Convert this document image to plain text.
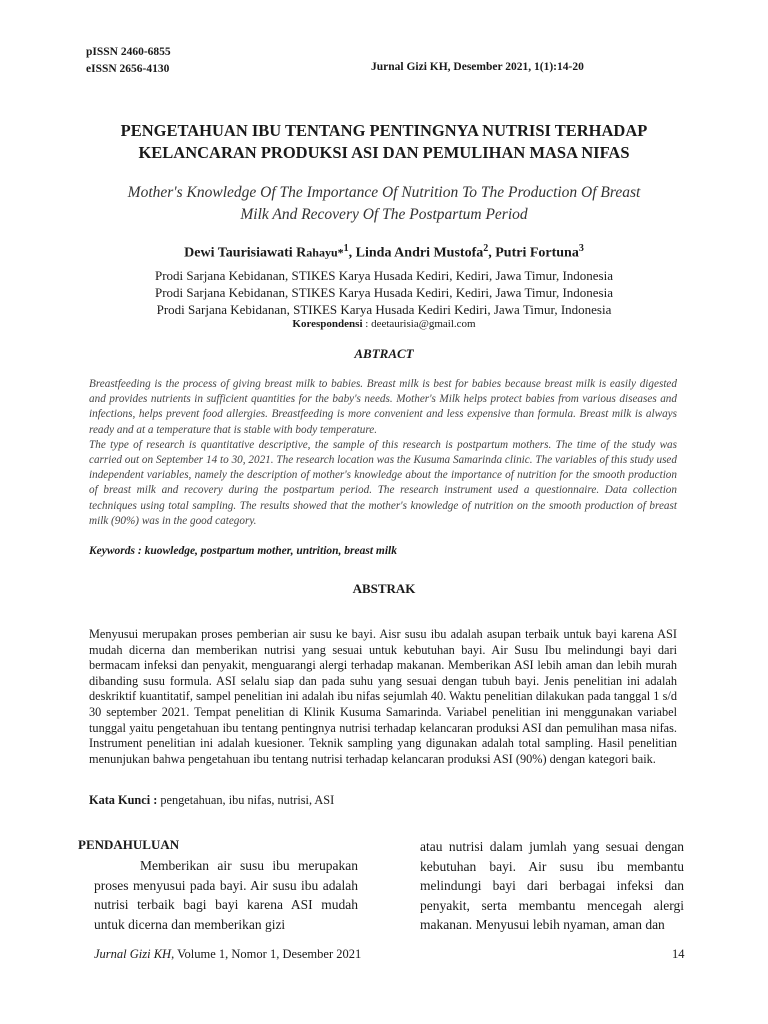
pISSN 2460-6855
eISSN 2656-4130	Jurnal Gizi KH, Desember 2021, 1(1):14-20
PENGETAHUAN IBU TENTANG PENTINGNYA NUTRISI TERHADAP
KELANCARAN PRODUKSI ASI DAN PEMULIHAN MASA NIFAS
Mother's Knowledge Of The Importance Of Nutrition To The Production Of Breast
Milk And Recovery Of The Postpartum Period
Dewi Taurisiawati Rahayu*$^1$, Linda Andri Mustofa$^2$, Putri Fortuna$^3$
Prodi Sarjana Kebidanan, STIKES Karya Husada Kediri, Kediri, Jawa Timur, Indonesia
Prodi Sarjana Kebidanan, STIKES Karya Husada Kediri, Kediri, Jawa Timur, Indonesia
Prodi Sarjana Kebidanan, STIKES Karya Husada Kediri Kediri, Jawa Timur, Indonesia
Korespondensi : deetaurisia@gmail.com
ABTRACT

Breastfeeding is the process of giving breast milk to babies. Breast milk is best for babies because breast milk is easily digested and provides nutrients in sufficient quantities for the baby's needs. Mother's Milk helps protect babies from various diseases and infections, helps prevent food allergies. Breastfeeding is more convenient and less expensive than formula. Breast milk is always ready and at a temperature that is stable with body temperature.

The type of research is quantitative descriptive, the sample of this research is postpartum mothers. The time of the study was carried out on September 14 to 30, 2021. The research location was the Kusuma Samarinda clinic. The variables of this study used independent variables, namely the description of mother's knowledge about the importance of nutrition for the smooth production of breast milk and recovery during the postpartum period. The research instrument used a questionnaire. Data collection techniques using total sampling. The results showed that the mother's knowledge of nutrition on the smooth production of breast milk (90%) was in the good category.

Keywords : kuowledge, postpartum mother, untrition, breast milk
ABSTRAK

Menyusui merupakan proses pemberian air susu ke bayi. Aisr susu ibu adalah asupan terbaik untuk bayi karena ASI mudah dicerna dan memberikan nutrisi yang sesuai untuk kebutuhan bayi. Air Susu Ibu melindungi bayi dari bermacam infeksi dan penyakit, menguarangi alergi terhadap makanan. Memberikan ASI lebih aman dan lebih murah dibanding susu formula. ASI selalu siap dan pada suhu yang sesuai dengan tubuh bayi. Jenis penelitian ini adalah deskriktif kuantitatif, sampel penelitian ini adalah ibu nifas sejumlah 40. Waktu penelitian dilakukan pada tanggal 1 s/d 30 september 2021. Tempat penelitian di Klinik Kusuma Samarinda. Variabel penelitian ini menggunakan variabel tunggal yaitu pengetahuan ibu tentang pentingnya nutrisi terhadap kelancaran produksi ASI dan pemulihan masa nifas. Instrument penelitian ini adalah kuesioner. Teknik sampling yang digunakan adalah total sampling. Hasil penelitian menunjukan bahwa pengetahuan ibu tentang nutrisi terhadap kelancaran produksi ASI (90%) dengan kategori baik.

Kata Kunci : pengetahuan, ibu nifas, nutrisi, ASI
PENDAHULUAN
Memberikan air susu ibu merupakan proses menyusui pada bayi. Air susu ibu adalah nutrisi terbaik bagi bayi karena ASI mudah untuk dicerna dan memberikan gizi
atau nutrisi dalam jumlah yang sesuai dengan kebutuhan bayi. Air susu ibu membantu melindungi bayi dari berbagai infeksi dan penyakit, serta membantu mencegah alergi makanan. Menyusui lebih nyaman, aman dan
Jurnal Gizi KH, Volume 1, Nomor 1, Desember 2021	14
